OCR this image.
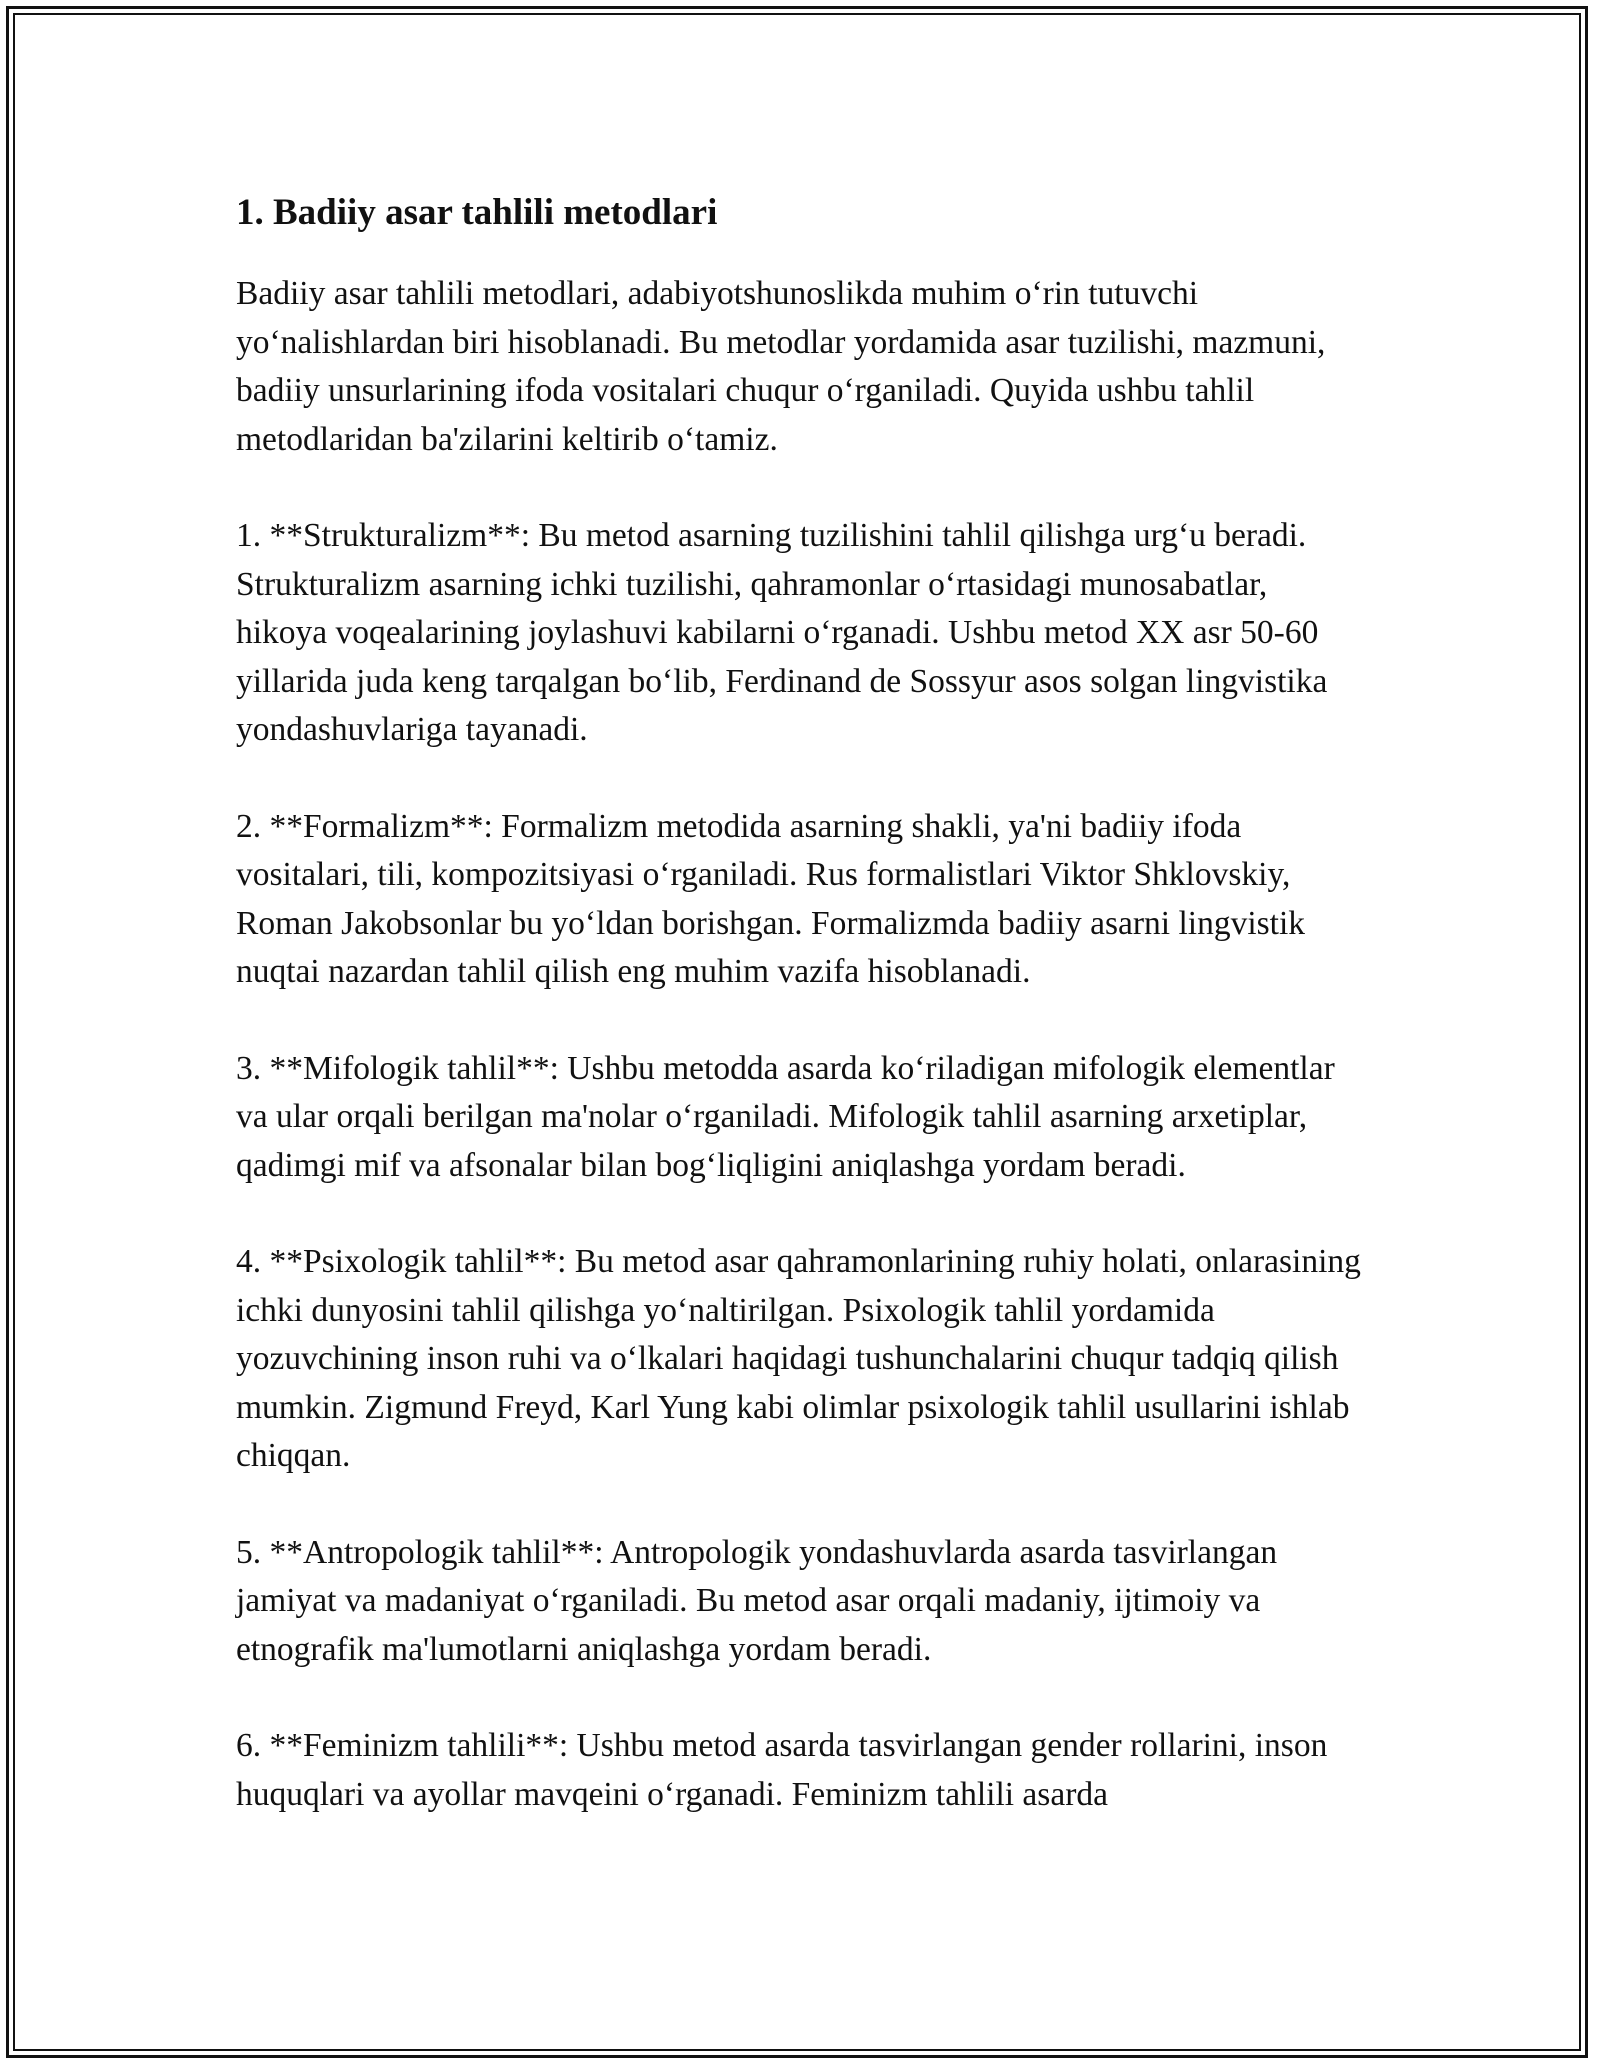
1. Badiiy asar tahlili metodlari

Badiiy asar tahlili metodlari, adabiyotshunoslikda muhim o‘rin tutuvchi yo‘nalishlardan biri hisoblanadi. Bu metodlar yordamida asar tuzilishi, mazmuni, badiiy unsurlarining ifoda vositalari chuqur o‘rganiladi. Quyida ushbu tahlil metodlaridan ba'zilarini keltirib o‘tamiz.

1. **Strukturalizm**: Bu metod asarning tuzilishini tahlil qilishga urg‘u beradi. Strukturalizm asarning ichki tuzilishi, qahramonlar o‘rtasidagi munosabatlar, hikoya voqealarining joylashuvi kabilarni o‘rganadi. Ushbu metod XX asr 50-60 yillarida juda keng tarqalgan bo‘lib, Ferdinand de Sossyur asos solgan lingvistika yondashuvlariga tayanadi.

2. **Formalizm**: Formalizm metodida asarning shakli, ya'ni badiiy ifoda vositalari, tili, kompozitsiyasi o‘rganiladi. Rus formalistlari Viktor Shklovskiy, Roman Jakobsonlar bu yo‘ldan borishgan. Formalizmda badiiy asarni lingvistik nuqtai nazardan tahlil qilish eng muhim vazifa hisoblanadi.

3. **Mifologik tahlil**: Ushbu metodda asarda ko‘riladigan mifologik elementlar va ular orqali berilgan ma'nolar o‘rganiladi. Mifologik tahlil asarning arxetiplar, qadimgi mif va afsonalar bilan bog‘liqligini aniqlashga yordam beradi.

4. **Psixologik tahlil**: Bu metod asar qahramonlarining ruhiy holati, onlarasining ichki dunyosini tahlil qilishga yo‘naltirilgan. Psixologik tahlil yordamida yozuvchining inson ruhi va o‘lkalari haqidagi tushunchalarini chuqur tadqiq qilish mumkin. Zigmund Freyd, Karl Yung kabi olimlar psixologik tahlil usullarini ishlab chiqqan.

5. **Antropologik tahlil**: Antropologik yondashuvlarda asarda tasvirlangan jamiyat va madaniyat o‘rganiladi. Bu metod asar orqali madaniy, ijtimoiy va etnografik ma'lumotlarni aniqlashga yordam beradi.

6. **Feminizm tahlili**: Ushbu metod asarda tasvirlangan gender rollarini, inson huquqlari va ayollar mavqeini o‘rganadi. Feminizm tahlili asarda
